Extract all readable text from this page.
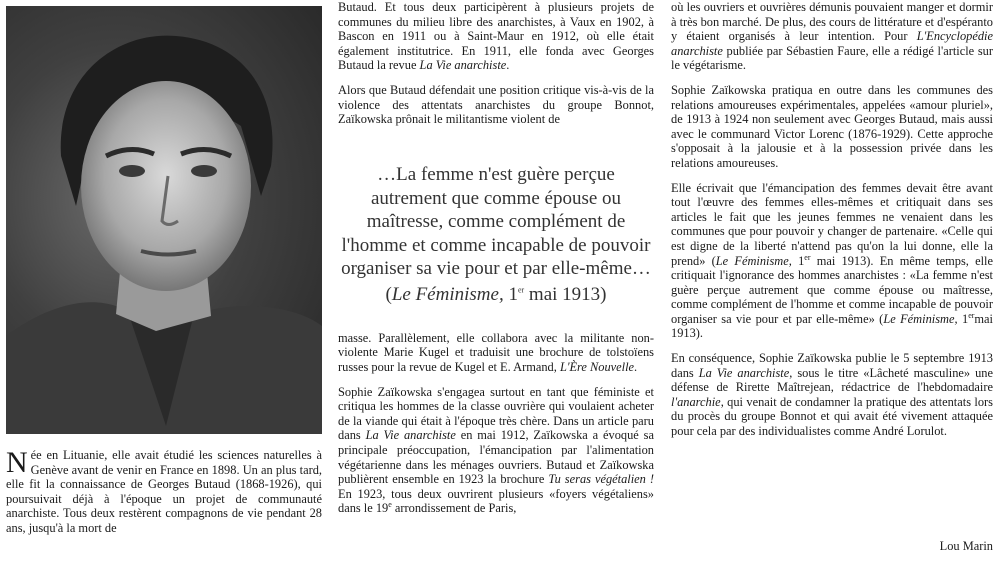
Née en Lituanie, elle avait étudié les sciences naturelles à Genève avant de venir en France en 1898. Un an plus tard, elle fit la connaissance de Georges Butaud (1868-1926), qui poursuivait déjà à l'époque un projet de communauté anarchiste. Tous deux restèrent compagnons de vie pendant 28 ans, jusqu'à la mort de

Butaud. Et tous deux participèrent à plusieurs projets de communes du milieu libre des anarchistes, à Vaux en 1902, à Bascon en 1911 ou à Saint-Maur en 1912, où elle était également institutrice. En 1911, elle fonda avec Georges Butaud la revue La Vie anarchiste.

Alors que Butaud défendait une position critique vis-à-vis de la violence des attentats anarchistes du groupe Bonnot, Zaïkowska prônait le militantisme violent de

masse. Parallèlement, elle collabora avec la militante non-violente Marie Kugel et traduisit une brochure de tolstoïens russes pour la revue de Kugel et E. Armand, L'Ère Nouvelle.

Sophie Zaïkowska s'engagea surtout en tant que féministe et critiqua les hommes de la classe ouvrière qui voulaient acheter de la viande qui était à l'époque très chère. Dans un article paru dans La Vie anarchiste en mai 1912, Zaïkowska a évoqué sa principale préoccupation, l'émancipation par l'alimentation végétarienne dans les ménages ouvriers. Butaud et Zaïkowska publièrent ensemble en 1923 la brochure Tu seras végétalien ! En 1923, tous deux ouvrirent plusieurs «foyers végétaliens» dans le 19e arrondissement de Paris,

…La femme n'est guère perçue autrement que comme épouse ou maîtresse, comme complément de l'homme et comme incapable de pouvoir organiser sa vie pour et par elle-même…
(Le Féminisme, 1er mai 1913)

où les ouvriers et ouvrières démunis pouvaient manger et dormir à très bon marché. De plus, des cours de littérature et d'espéranto y étaient organisés à leur intention. Pour L'Encyclopédie anarchiste publiée par Sébastien Faure, elle a rédigé l'article sur le végétarisme.

Sophie Zaïkowska pratiqua en outre dans les communes des relations amoureuses expérimentales, appelées «amour pluriel», de 1913 à 1924 non seulement avec Georges Butaud, mais aussi avec le communard Victor Lorenc (1876-1929). Cette approche s'opposait à la jalousie et à la possession privée dans les relations amoureuses.

Elle écrivait que l'émancipation des femmes devait être avant tout l'œuvre des femmes elles-mêmes et critiquait dans ses articles le fait que les jeunes femmes ne venaient dans les communes que pour pouvoir y changer de partenaire. «Celle qui est digne de la liberté n'attend pas qu'on la lui donne, elle la prend» (Le Féminisme, 1er mai 1913). En même temps, elle critiquait l'ignorance des hommes anarchistes : «La femme n'est guère perçue autrement que comme épouse ou maîtresse, comme complément de l'homme et comme incapable de pouvoir organiser sa vie pour et par elle-même» (Le Féminisme, 1ermai 1913).

En conséquence, Sophie Zaïkowska publie le 5 septembre 1913 dans La Vie anarchiste, sous le titre «Lâcheté masculine» une défense de Rirette Maîtrejean, rédactrice de l'hebdomadaire l'anarchie, qui venait de condamner la pratique des attentats lors du procès du groupe Bonnot et qui avait été vivement attaquée pour cela par des individualistes comme André Lorulot.

Lou Marin
